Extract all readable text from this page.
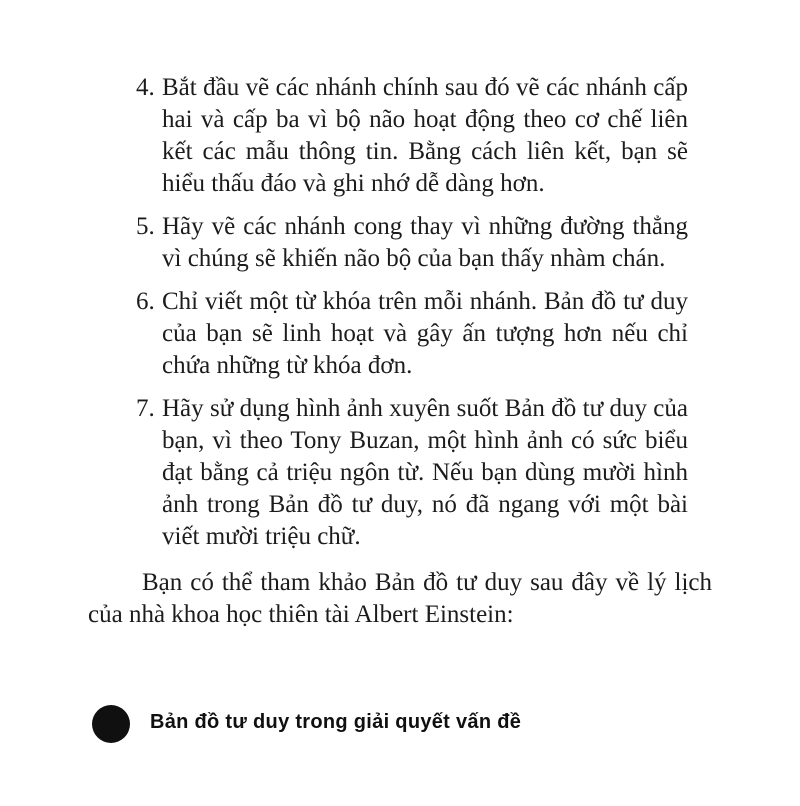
4. Bắt đầu vẽ các nhánh chính sau đó vẽ các nhánh cấp hai và cấp ba vì bộ não hoạt động theo cơ chế liên kết các mẫu thông tin. Bằng cách liên kết, bạn sẽ hiểu thấu đáo và ghi nhớ dễ dàng hơn.
5. Hãy vẽ các nhánh cong thay vì những đường thẳng vì chúng sẽ khiến não bộ của bạn thấy nhàm chán.
6. Chỉ viết một từ khóa trên mỗi nhánh. Bản đồ tư duy của bạn sẽ linh hoạt và gây ấn tượng hơn nếu chỉ chứa những từ khóa đơn.
7. Hãy sử dụng hình ảnh xuyên suốt Bản đồ tư duy của bạn, vì theo Tony Buzan, một hình ảnh có sức biểu đạt bằng cả triệu ngôn từ. Nếu bạn dùng mười hình ảnh trong Bản đồ tư duy, nó đã ngang với một bài viết mười triệu chữ.

Bạn có thể tham khảo Bản đồ tư duy sau đây về lý lịch của nhà khoa học thiên tài Albert Einstein:

Bản đồ tư duy trong giải quyết vấn đề
